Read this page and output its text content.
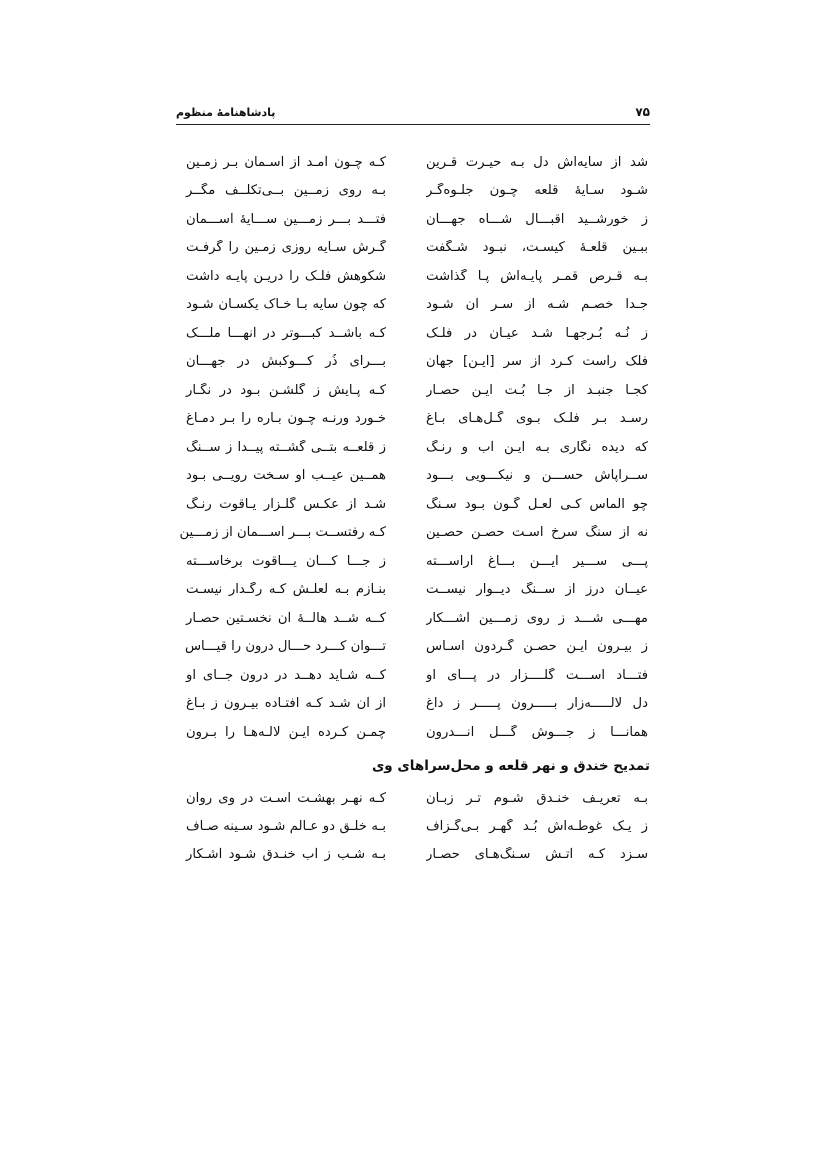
پادشاهنامهٔ منظوم	۷۵
شد از سایه‌اش دل بـه حیـرت قـرین
کـه چـون آمـد از آسـمان بـر زمـین
شـود سـایهٔ قلعه چـون جلـوه‌گـر
بـه روی زمــین بــی‌تکلّــف مگــر
ز خورشــید اقبـــال شـــاه جهـــان
فتـــد بـــر زمـــین ســـایهٔ آســـمان
ببـین قلعـهٔ کیسـت، نبـود شـگفت
گـرش سـایه روزی زمـین را گرفـت
بـه قـرص قمـر پایـه‌اش پـا گذاشت
شکوهش فلـک را دریـن پایـه داشت
جـدا خصـم شـه از سـر آن شـود
که چون سایه بـا خـاک یکسـان شـود
ز نُـه بُـرجهـا شـد عیـان در فلـک
کـه باشــد کبـــوتر در آنهـــا ملـــک
فلک راست کـرد از سر [ایـن] جهان
بـــرای ذُر کـــوکبش در جهـــان
کجـا جنبـد از جـا بُـت ایـن حصـار
کـه پـایش ز گلشـن بـود در نگـار
رسـد بـر فلـک بـوی گـل‌هـای بـاغ
خـورد ورنـه چـون بـاره را بـر دمـاغ
که دیده نگاری بـه ایـن آب و رنـگ
ز قلعــه بتــی گشــته پیــدا ز ســنگ
ســراپاش حســـن و نیکـــویی بـــود
همــین عیــب او سـخت رویــی بـود
چو الماس کـی لعـل گـون بـود سـنگ
شـد از عکـس گلـزار یـاقوت رنـگ
نه از سنگ سرخ اسـت حصـن حصـین
کـه رفتســت بـــر آســـمان از زمـــین
پـــی ســـیر ایـــن بـــاغ آراســـته
ز جـــا کـــان یـــاقوت برخاســـته
عیــان درز از ســنگ دیــوار نیســت
بنـازم بـه لعلـش کـه رگـدار نیسـت
مهـــی شـــد ز روی زمـــین آشـــکار
کــه شــد هالــهٔ آن نخسـتین حصـار
ز بیـرون ایـن حصـن گـردون اسـاس
تـــوان کـــرد حـــال درون را قیـــاس
فتـــاد اســـت گلــــزار در پـــای او
کــه شـاید دهــد در درون جــای او
دل لالـــــه‌زار بـــــرون پـــــر ز داغ
از آن شـد کـه افتـاده بیـرون ز بـاغ
همانـــا ز جـــوش گـــل انـــدرون
چمـن کـرده ایـن لالـه‌هـا را بـرون
تمدیح خندق و نهر قلعه و محل‌سراهای وی
بـه تعریـف خنـدق شـوم تـر زبـان
کـه نهـر بهشـت اسـت در وی روان
ز یـک غوطـه‌اش بُـد گهـر بـی‌گـزاف
بـه خلـق دو عـالم شـود سـینه صـاف
سـزد کـه آتـش سـنگ‌هـای حصـار
بـه شـب ز آب خنـدق شـود آشـکار
